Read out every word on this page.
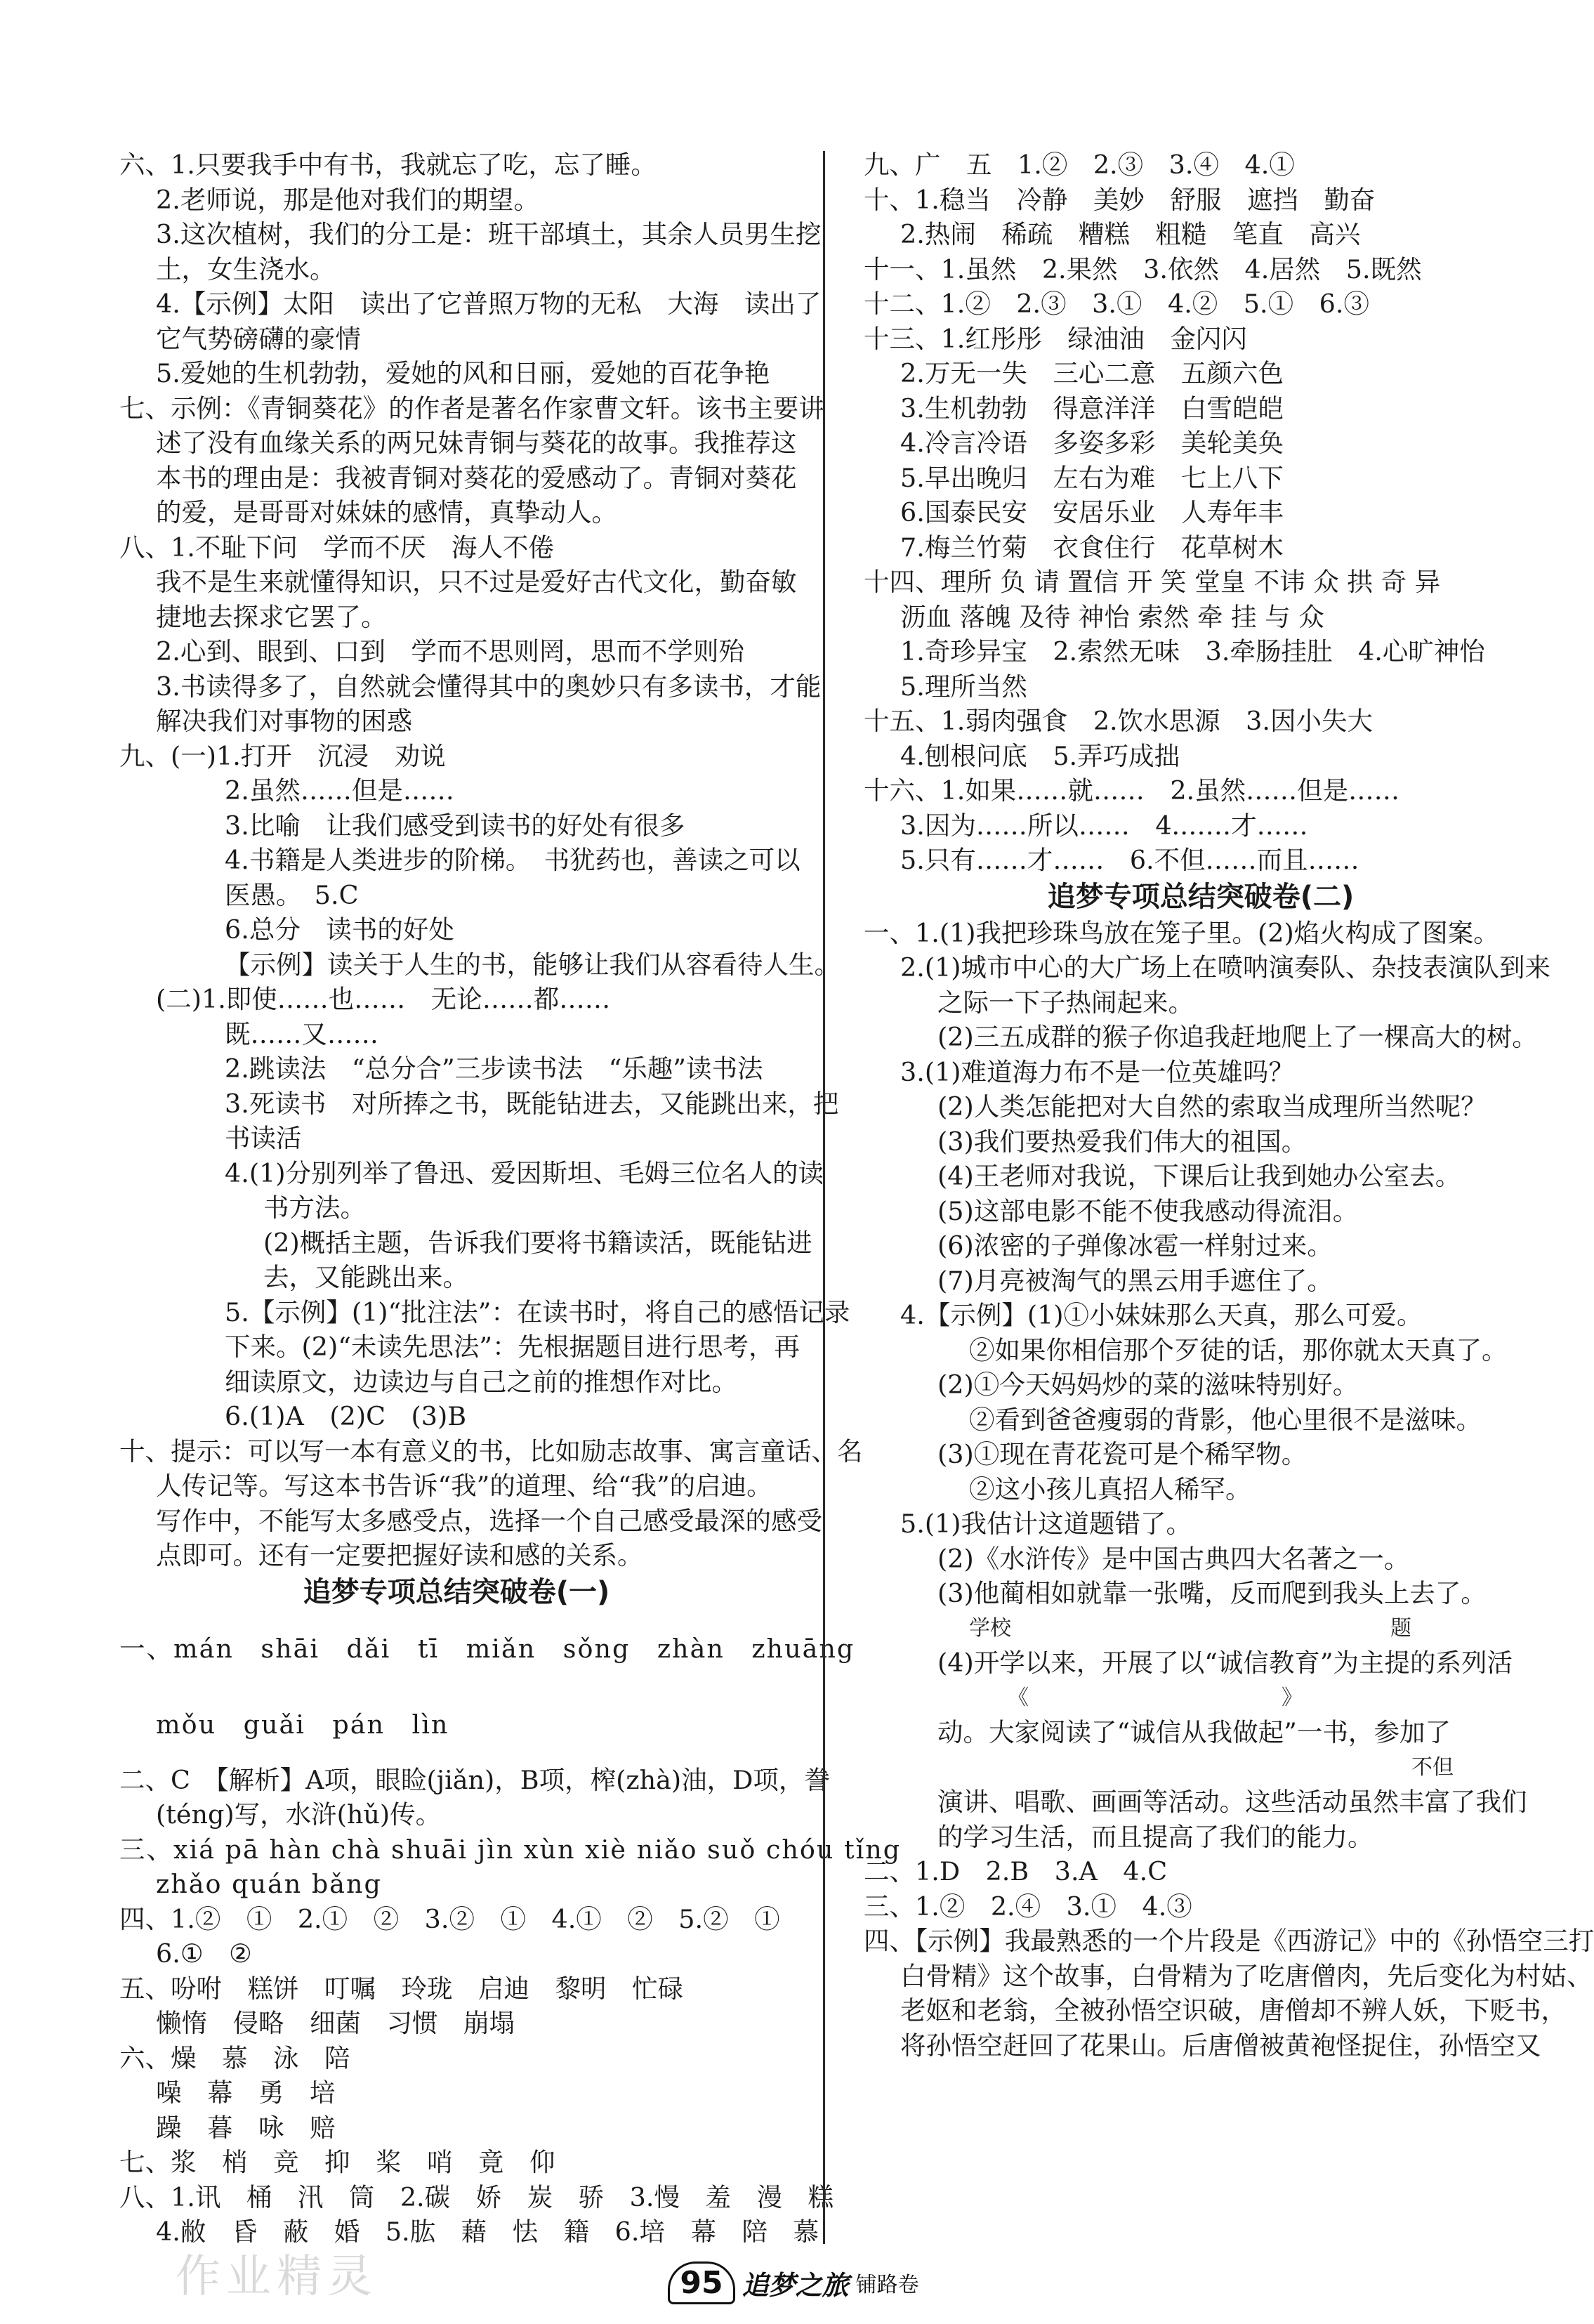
六、1.只要我手中有书，我就忘了吃，忘了睡。
2.老师说，那是他对我们的期望。
3.这次植树，我们的分工是：班干部填土，其余人员男生挖
土，女生浇水。
4.【示例】太阳　读出了它普照万物的无私　大海　读出了
它气势磅礴的豪情
5.爱她的生机勃勃，爱她的风和日丽，爱她的百花争艳
七、示例：《青铜葵花》的作者是著名作家曹文轩。该书主要讲
述了没有血缘关系的两兄妹青铜与葵花的故事。我推荐这
本书的理由是：我被青铜对葵花的爱感动了。青铜对葵花
的爱，是哥哥对妹妹的感情，真挚动人。
八、1.不耻下问　学而不厌　海人不倦
我不是生来就懂得知识，只不过是爱好古代文化，勤奋敏
捷地去探求它罢了。
2.心到、眼到、口到　学而不思则罔，思而不学则殆
3.书读得多了，自然就会懂得其中的奥妙只有多读书，才能
解决我们对事物的困惑
九、(一)1.打开　沉浸　劝说
2.虽然……但是……
3.比喻　让我们感受到读书的好处有很多
4.书籍是人类进步的阶梯。　书犹药也，善读之可以
医愚。　5.C
6.总分　读书的好处
【示例】读关于人生的书，能够让我们从容看待人生。
(二)1.即使……也……　无论……都……
既……又……
2.跳读法　“总分合”三步读书法　“乐趣”读书法
3.死读书　对所捧之书，既能钻进去，又能跳出来，把
书读活
4.(1)分别列举了鲁迅、爱因斯坦、毛姆三位名人的读
书方法。
(2)概括主题，告诉我们要将书籍读活，既能钻进
去，又能跳出来。
5.【示例】(1)“批注法”：在读书时，将自己的感悟记录
下来。(2)“未读先思法”：先根据题目进行思考，再
细读原文，边读边与自己之前的推想作对比。
6.(1)A　(2)C　(3)B
十、提示：可以写一本有意义的书，比如励志故事、寓言童话、名
人传记等。写这本书告诉“我”的道理、给“我”的启迪。
写作中，不能写太多感受点，选择一个自己感受最深的感受
点即可。还有一定要把握好读和感的关系。
追梦专项总结突破卷(一)
一、mán　shāi　dǎi　tī　miǎn　sǒng　zhàn　zhuāng
mǒu　guǎi　pán　lìn
二、C　【解析】A项，眼睑(jiǎn)，B项，榨(zhà)油，D项，誊
(téng)写，水浒(hǔ)传。
三、xiá pā hàn chà shuāi jìn xùn xiè niǎo suǒ chóu tǐng
zhǎo quán bǎng
四、1.②　①　2.①　②　3.②　①　4.①　②　5.②　①
6.①　②
五、吩咐　糕饼　叮嘱　玲珑　启迪　黎明　忙碌
懒惰　侵略　细菌　习惯　崩塌
六、燥　慕　泳　陪
噪　幕　勇　培
躁　暮　咏　赔
七、浆　梢　竞　抑　桨　哨　竟　仰
八、1.讯　桶　汛　筒　2.碳　娇　炭　骄　3.慢　羞　漫　糕
4.敝　昏　蔽　婚　5.肱　藉　怯　籍　6.培　幕　陪　慕
九、广　五　1.②　2.③　3.④　4.①
十、1.稳当　冷静　美妙　舒服　遮挡　勤奋
2.热闹　稀疏　糟糕　粗糙　笔直　高兴
十一、1.虽然　2.果然　3.依然　4.居然　5.既然
十二、1.②　2.③　3.①　4.②　5.①　6.③
十三、1.红彤彤　绿油油　金闪闪
2.万无一失　三心二意　五颜六色
3.生机勃勃　得意洋洋　白雪皑皑
4.冷言冷语　多姿多彩　美轮美奂
5.早出晚归　左右为难　七上八下
6.国泰民安　安居乐业　人寿年丰
7.梅兰竹菊　衣食住行　花草树木
十四、理所 负 请 置信 开 笑 堂皇 不讳 众 拱 奇 异
沥血 落魄 及待 神怡 索然 牵 挂 与 众
1.奇珍异宝　2.索然无味　3.牵肠挂肚　4.心旷神怡
5.理所当然
十五、1.弱肉强食　2.饮水思源　3.因小失大
4.刨根问底　5.弄巧成拙
十六、1.如果……就……　2.虽然……但是……
3.因为……所以……　4.……才……
5.只有……才……　6.不但……而且……
追梦专项总结突破卷(二)
一、1.(1)我把珍珠鸟放在笼子里。(2)焰火构成了图案。
2.(1)城市中心的大广场上在喷呐演奏队、杂技表演队到来
之际一下子热闹起来。
(2)三五成群的猴子你追我赶地爬上了一棵高大的树。
3.(1)难道海力布不是一位英雄吗？
(2)人类怎能把对大自然的索取当成理所当然呢？
(3)我们要热爱我们伟大的祖国。
(4)王老师对我说，下课后让我到她办公室去。
(5)这部电影不能不使我感动得流泪。
(6)浓密的子弹像冰雹一样射过来。
(7)月亮被淘气的黑云用手遮住了。
4.【示例】(1)①小妹妹那么天真，那么可爱。
②如果你相信那个歹徒的话，那你就太天真了。
(2)①今天妈妈炒的菜的滋味特别好。
②看到爸爸瘦弱的背影，他心里很不是滋味。
(3)①现在青花瓷可是个稀罕物。
②这小孩儿真招人稀罕。
5.(1)我估计这道题错了。
(2)《水浒传》是中国古典四大名著之一。
(3)他蔺相如就靠一张嘴，反而爬到我头上去了。
学校　　　　　　　　　　　　　　　　　　题
(4)开学以来，开展了以“诚信教育”为主提的系列活
《　　　　　　　　　　　　》
动。大家阅读了“诚信从我做起”一书，参加了
不但
演讲、唱歌、画画等活动。这些活动虽然丰富了我们
的学习生活，而且提高了我们的能力。
二、1.D　2.B　3.A　4.C
三、1.②　2.④　3.①　4.③
四、【示例】我最熟悉的一个片段是《西游记》中的《孙悟空三打
白骨精》这个故事，白骨精为了吃唐僧肉，先后变化为村姑、
老妪和老翁，全被孙悟空识破，唐僧却不辨人妖，下贬书，
将孙悟空赶回了花果山。后唐僧被黄袍怪捉住，孙悟空又
作业精灵	95 追梦之旅 铺路卷
